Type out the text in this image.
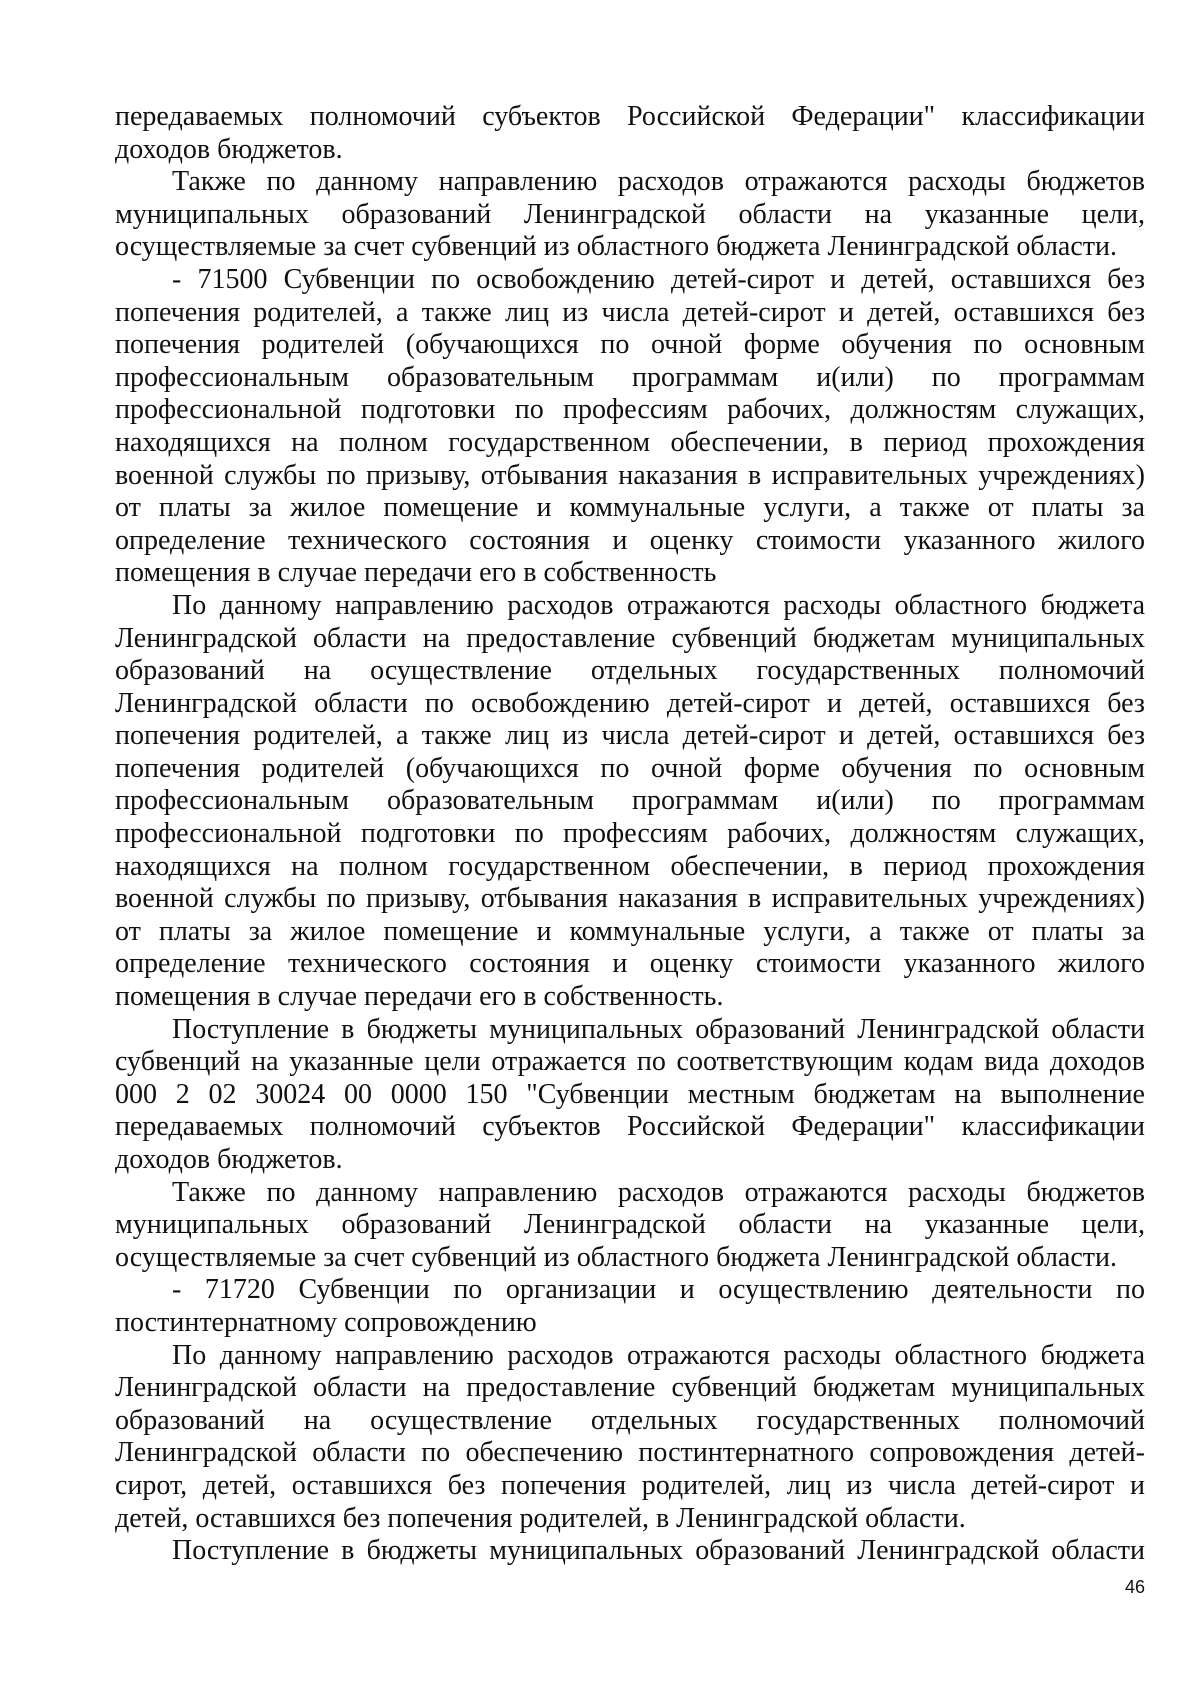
передаваемых полномочий субъектов Российской Федерации" классификации
доходов бюджетов.
Также по данному направлению расходов отражаются расходы бюджетов
муниципальных образований Ленинградской области на указанные цели,
осуществляемые за счет субвенций из областного бюджета Ленинградской области.
- 71500 Субвенции по освобождению детей-сирот и детей, оставшихся без
попечения родителей, а также лиц из числа детей-сирот и детей, оставшихся без
попечения родителей (обучающихся по очной форме обучения по основным
профессиональным образовательным программам и(или) по программам
профессиональной подготовки по профессиям рабочих, должностям служащих,
находящихся на полном государственном обеспечении, в период прохождения
военной службы по призыву, отбывания наказания в исправительных учреждениях)
от платы за жилое помещение и коммунальные услуги, а также от платы за
определение технического состояния и оценку стоимости указанного жилого
помещения в случае передачи его в собственность
По данному направлению расходов отражаются расходы областного бюджета
Ленинградской области на предоставление субвенций бюджетам муниципальных
образований на осуществление отдельных государственных полномочий
Ленинградской области по освобождению детей-сирот и детей, оставшихся без
попечения родителей, а также лиц из числа детей-сирот и детей, оставшихся без
попечения родителей (обучающихся по очной форме обучения по основным
профессиональным образовательным программам и(или) по программам
профессиональной подготовки по профессиям рабочих, должностям служащих,
находящихся на полном государственном обеспечении, в период прохождения
военной службы по призыву, отбывания наказания в исправительных учреждениях)
от платы за жилое помещение и коммунальные услуги, а также от платы за
определение технического состояния и оценку стоимости указанного жилого
помещения в случае передачи его в собственность.
Поступление в бюджеты муниципальных образований Ленинградской области
субвенций на указанные цели отражается по соответствующим кодам вида доходов
000 2 02 30024 00 0000 150 "Субвенции местным бюджетам на выполнение
передаваемых полномочий субъектов Российской Федерации" классификации
доходов бюджетов.
Также по данному направлению расходов отражаются расходы бюджетов
муниципальных образований Ленинградской области на указанные цели,
осуществляемые за счет субвенций из областного бюджета Ленинградской области.
- 71720 Субвенции по организации и осуществлению деятельности по
постинтернатному сопровождению
По данному направлению расходов отражаются расходы областного бюджета
Ленинградской области на предоставление субвенций бюджетам муниципальных
образований на осуществление отдельных государственных полномочий
Ленинградской области по обеспечению постинтернатного сопровождения детей-
сирот, детей, оставшихся без попечения родителей, лиц из числа детей-сирот и
детей, оставшихся без попечения родителей, в Ленинградской области.
Поступление в бюджеты муниципальных образований Ленинградской области
46
